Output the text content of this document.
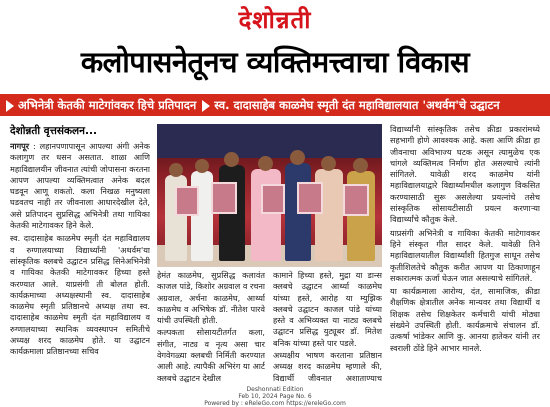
देशोन्नती
कलोपासनेतूनच व्यक्तिमत्त्वाचा विकास
अभिनेत्री केतकी माटेगांवकर हिचे प्रतिपादन स्व. दादासाहेब काळमेघ स्मृती दंत महाविद्यालयात 'अथर्वम'चे उद्घाटन
देशोन्नती वृत्तसंकलन...

नागपूर : लहानपणापासून आपल्या अंगी अनेक कलागुण तर धसन असतात. शाळा आणि महाविद्यालयीन जीवनात त्यांची जोपासना करतना आपण आपल्या व्यक्तिमत्वात अनेक बदल घडवून आणू शकतो. कला निखळ मनुष्यला घडवतच नाही तर जीवनाला आधारदेखील देते, असे प्रतिपादन सुप्रसिद्ध अभिनेत्री तथा गायिका केतकी माटेगावकर हिने केले.

स्व. दादासाहेब काळमेघ स्मृती दंत महाविद्यालय व रुग्णालयाच्या विद्यार्थ्यांनी 'अथर्वम'या सांस्कृतिक क्लबचे उद्घाटन प्रसिद्ध सिनेअभिनेत्री व गायिका केतकी माटेगावकर हिच्या हस्ते करण्यात आले. याप्रसंगी ती बोलत होती. कार्यक्रमाच्या अध्यक्षस्थानी स्व. दादासाहेब काळमेघ स्मृती प्रतिष्ठानचे अध्यक्ष तथा स्व. दादासाहेब काळमेघ स्मृती दंत महाविद्यालय व रुग्णालयाच्या स्थानिक व्यवस्थापन समितीचे अध्यक्ष शरद काळमेघ होते. या उद्घाटन कार्यक्रमाला प्रतिष्ठानच्या सचिव

हेमंत काळमेघ, सुप्रसिद्ध कलावंत काजल पांडे, किशोर अग्रवाल व रचना अग्रवाल, अर्चना काळमेघ, आर्थ्या काळमेघ व अभिषेक डॉ. नीतेश पारवे यांची उपस्थिती होती.

कल्पकता सोसायटीतर्गत कला, संगीत, नाट्य व नृत्य असा चार वेगवेगळ्या क्लबची निर्मिती करण्यात आली आहे. त्यापैकी अभिरंग या आर्ट क्लबचे उद्घाटन देखील

कामाने हिच्या हस्ते, मुद्रा या डान्स क्लबचे उद्घाटन आर्थ्या काळमेघ यांच्या हस्ते, आरोह या म्युझिक क्लबचे उद्घाटन काजल पांडे यांच्या हस्ते व अभिव्यक्त या नाट्य क्लबचे उद्घाटन प्रसिद्ध युट्यूबर डॉ. मितेश बनिक यांच्या हस्ते पार पडले.

अध्यक्षीय भाषण करताना प्रतिष्ठान अध्यक्ष शरद काळमेघ म्हणाले की, विद्यार्थी जीवनात अशाताण्याच

विद्यार्थ्यांनी सांस्कृतिक तसेच क्रीडा प्रकारांमध्ये सहभागी होणे आवश्यक आहे. कला आणि क्रीडा हा जीवनाचा अविभाज्य घटक असून त्यामुळेच एक चांगले व्यक्तिमत्व निर्माण होत असल्याचे त्यांनी सांगितले. यावेळी शरद काळमेघ यांनी महाविद्यालयाद्वारे विद्यार्थ्यांमधील कलागुण विकसित करण्यासाठी सुरू असलेल्या प्रयत्नांचे तसेच सांस्कृतिक सोसायटीसाठी प्रयत्न करणाऱ्या विद्यार्थ्यांचे कौतुक केले.

याप्रसंगी अभिनेत्री व गायिका केतकी माटेगावकर हिने संस्कृत गीत सादर केले. यावेळी तिने महाविद्यालयातील विद्यार्थ्यांशी हितगुज साधून तसेच कृतीशिलतेचे कौतुक करीत आपण या ठिकाणाहून सकारात्मक ऊर्जा घेऊन जात असल्याचे सांगितले.

या कार्यक्रमाला आरोग्य, दंत, सामाजिक, क्रीडा शैक्षणिक क्षेत्रातील अनेक मान्यवर तथा विद्यार्थी व शिक्षक तसेच शिक्षकेतर कर्मचारी यांची मोठ्या संख्येने उपस्थिती होती. कार्यक्रमाचे संचालन डॉ. उत्कर्षा भांडेकर आणि कु. आनया हातेकर यांनी तर स्वराली ठोंडे हिने आभार मानले.

Deshonnati Edition
Feb 10, 2024 Page No. 6
Powered by : eReleGo.com https://ereleGo.com
